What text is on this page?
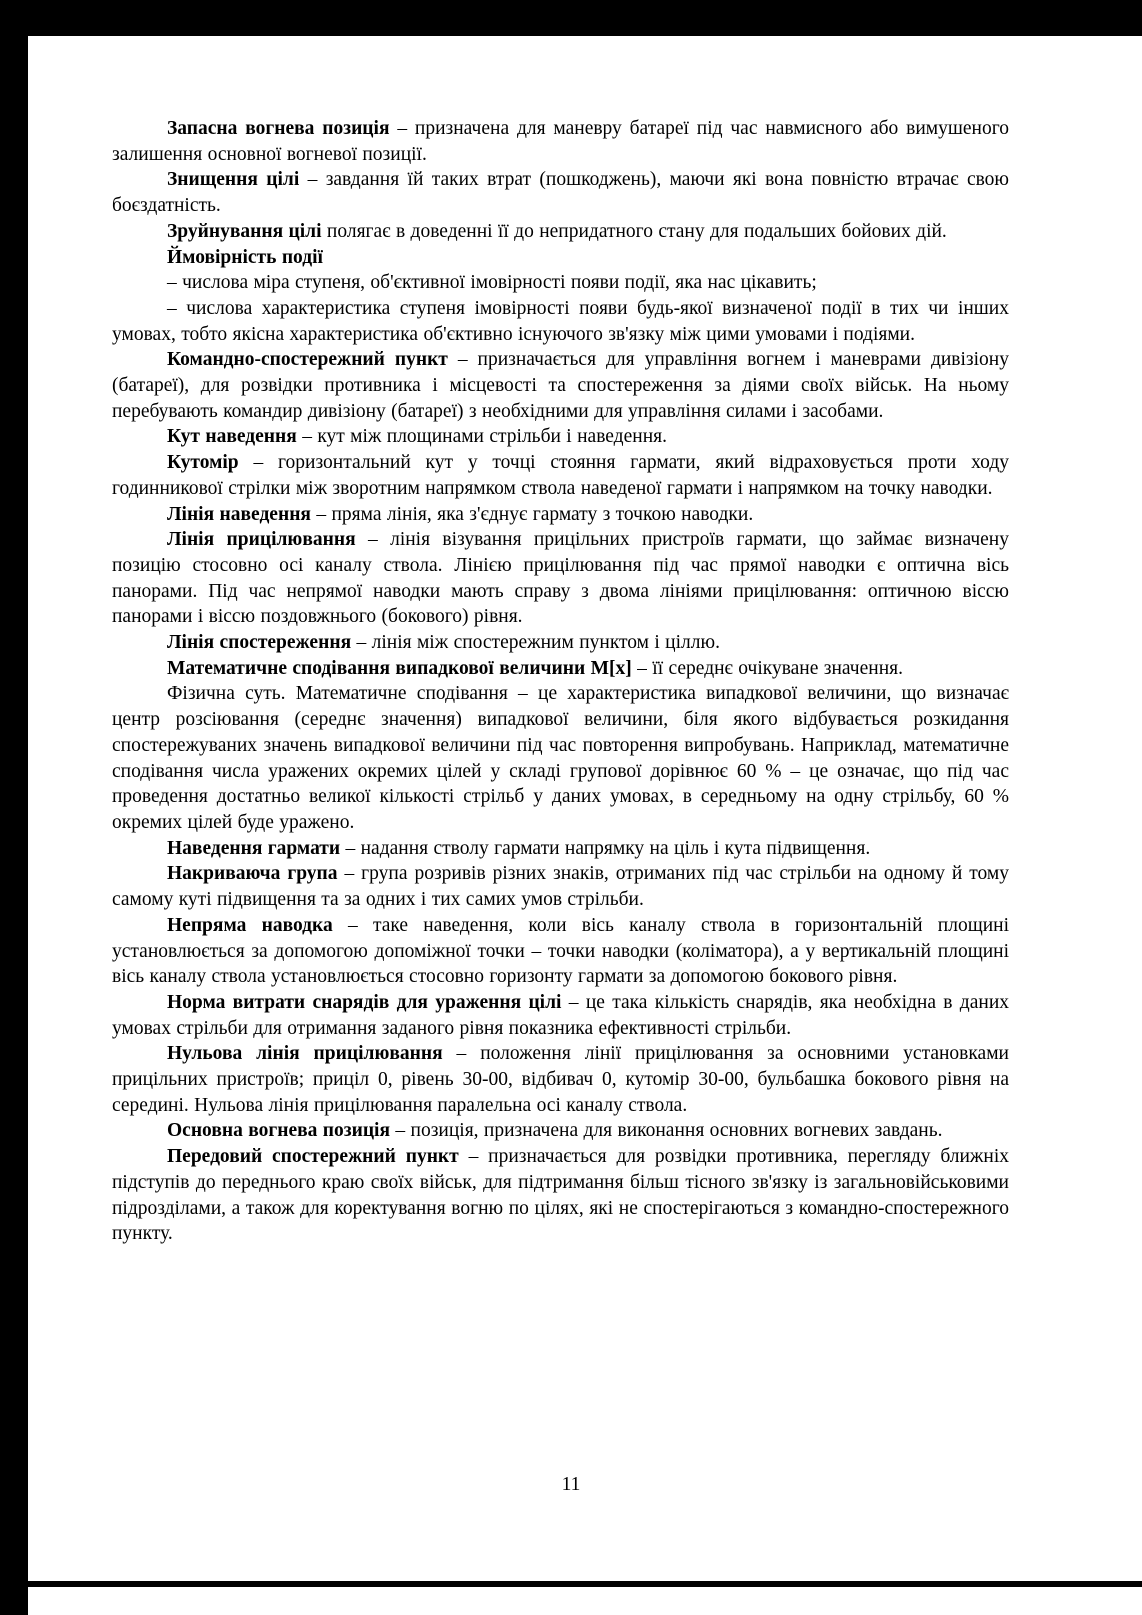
Запасна вогнева позиція – призначена для маневру батареї під час навмисного або вимушеного залишення основної вогневої позиції.

Знищення цілі – завдання їй таких втрат (пошкоджень), маючи які вона повністю втрачає свою боєздатність.

Зруйнування цілі полягає в доведенні її до непридатного стану для подальших бойових дій.

Ймовірність події

– числова міра ступеня, об'єктивної імовірності появи події, яка нас цікавить;

– числова характеристика ступеня імовірності появи будь-якої визначеної події в тих чи інших умовах, тобто якісна характеристика об'єктивно існуючого зв'язку між цими умовами і подіями.

Командно-спостережний пункт – призначається для управління вогнем і маневрами дивізіону (батареї), для розвідки противника і місцевості та спостереження за діями своїх військ. На ньому перебувають командир дивізіону (батареї) з необхідними для управління силами і засобами.

Кут наведення – кут між площинами стрільби і наведення.

Кутомір – горизонтальний кут у точці стояння гармати, який відраховується проти ходу годинникової стрілки між зворотним напрямком ствола наведеної гармати і напрямком на точку наводки.

Лінія наведення – пряма лінія, яка з'єднує гармату з точкою наводки.

Лінія прицілювання – лінія візування прицільних пристроїв гармати, що займає визначену позицію стосовно осі каналу ствола. Лінією прицілювання під час прямої наводки є оптична вісь панорами. Під час непрямої наводки мають справу з двома лініями прицілювання: оптичною віссю панорами і віссю поздовжнього (бокового) рівня.

Лінія спостереження – лінія між спостережним пунктом і ціллю.

Математичне сподівання випадкової величини М[х] – її середнє очікуване значення.

Фізична суть. Математичне сподівання – це характеристика випадкової величини, що визначає центр розсіювання (середнє значення) випадкової величини, біля якого відбувається розкидання спостережуваних значень випадкової величини під час повторення випробувань. Наприклад, математичне сподівання числа уражених окремих цілей у складі групової дорівнює 60 % – це означає, що під час проведення достатньо великої кількості стрільб у даних умовах, в середньому на одну стрільбу, 60 % окремих цілей буде уражено.

Наведення гармати – надання стволу гармати напрямку на ціль і кута підвищення.

Накриваюча група – група розривів різних знаків, отриманих під час стрільби на одному й тому самому куті підвищення та за одних і тих самих умов стрільби.

Непряма наводка – таке наведення, коли вісь каналу ствола в горизонтальній площині установлюється за допомогою допоміжної точки – точки наводки (коліматора), а у вертикальній площині вісь каналу ствола установлюється стосовно горизонту гармати за допомогою бокового рівня.

Норма витрати снарядів для ураження цілі – це така кількість снарядів, яка необхідна в даних умовах стрільби для отримання заданого рівня показника ефективності стрільби.

Нульова лінія прицілювання – положення лінії прицілювання за основними установками прицільних пристроїв; приціл 0, рівень 30-00, відбивач 0, кутомір 30-00, бульбашка бокового рівня на середині. Нульова лінія прицілювання паралельна осі каналу ствола.

Основна вогнева позиція – позиція, призначена для виконання основних вогневих завдань.

Передовий спостережний пункт – призначається для розвідки противника, перегляду ближніх підступів до переднього краю своїх військ, для підтримання більш тісного зв'язку із загальновійськовими підрозділами, а також для коректування вогню по цілях, які не спостерігаються з командно-спостережного пункту.

11
